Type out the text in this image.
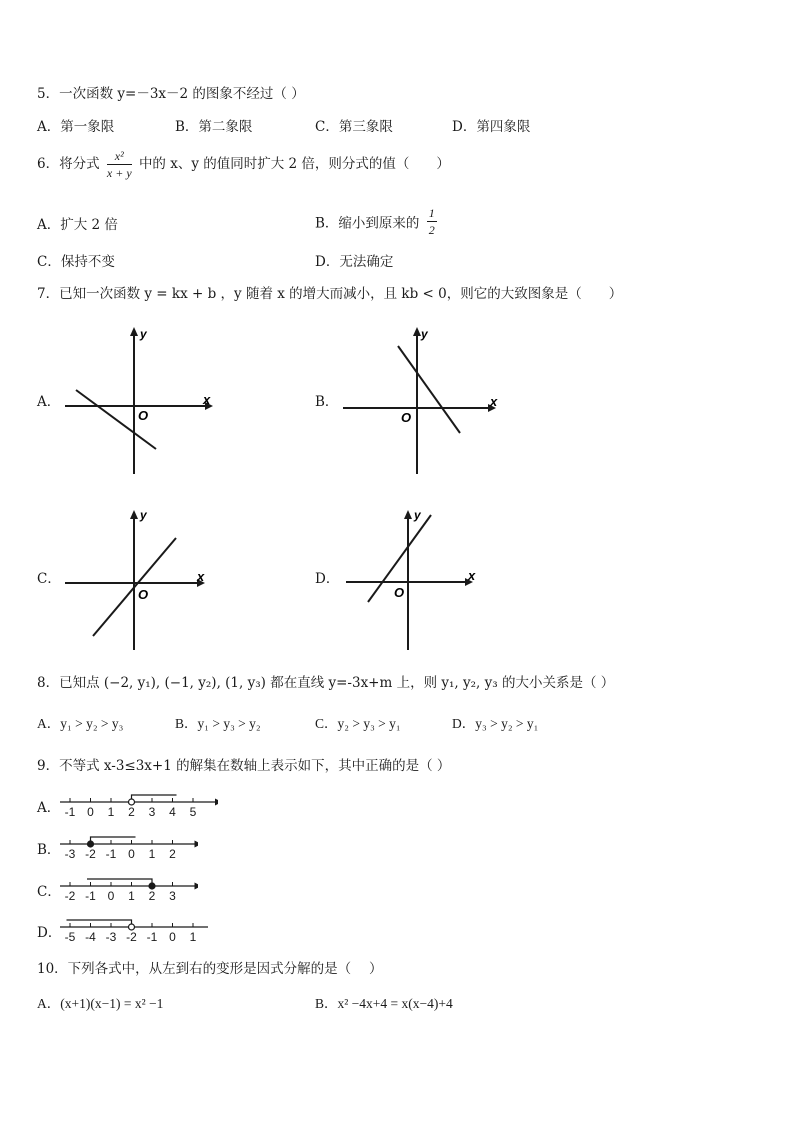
5．一次函数 y=－3x－2 的图象不经过（ ）
A．第一象限	B．第二象限	C．第三象限	D．第四象限
6．将分式 $\frac{\text{x²}}{x + y}$ 中的 x、y 的值同时扩大 2 倍，则分式的值（　　）
A．扩大 2 倍	B．缩小到原来的 $\frac{1}{2}$
C．保持不变	D．无法确定
7．已知一次函数 y = kx + b ，y 随着 x 的增大而减小，且 kb < 0，则它的大致图象是（　　）
A．	B．
C．	D．
y
x
O
y
x
O
y
x
O
y
x
O
8．已知点 (−2, y₁), (−1, y₂), (1, y₃) 都在直线 y=-3x+m 上，则 y₁, y₂, y₃ 的大小关系是（ ）
A．y₁ > y₂ > y₃	B．y₁ > y₃ > y₂	C．y₂ > y₃ > y₁	D．y₃ > y₂ > y₁
9．不等式 x-3≤3x+1 的解集在数轴上表示如下，其中正确的是（ ）
A． -1 0 1 2 3 4 5
B． -3 -2 -1 0 1 2
C． -2 -1 0 1 2 3
D． -5 -4 -3 -2 -1 0 1
10．下列各式中，从左到右的变形是因式分解的是（　 ）
A．(x+1)(x−1) = x² −1	B．x² −4x+4 = x(x−4)+4
